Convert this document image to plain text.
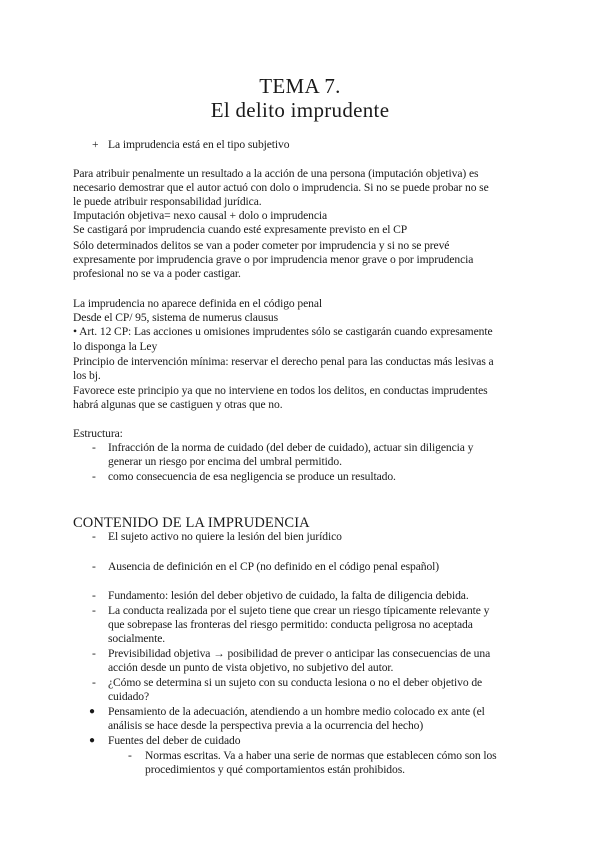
TEMA 7.
El delito imprudente
+ La imprudencia está en el tipo subjetivo
Para atribuir penalmente un resultado a la acción de una persona (imputación objetiva) es
necesario demostrar que el autor actuó con dolo o imprudencia. Si no se puede probar no se
le puede atribuir responsabilidad jurídica.
Imputación objetiva= nexo causal + dolo o imprudencia
Se castigará por imprudencia cuando esté expresamente previsto en el CP
Sólo determinados delitos se van a poder cometer por imprudencia y si no se prevé
expresamente por imprudencia grave o por imprudencia menor grave o por imprudencia
profesional no se va a poder castigar.
La imprudencia no aparece definida en el código penal
Desde el CP/ 95, sistema de numerus clausus
• Art. 12 CP: Las acciones u omisiones imprudentes sólo se castigarán cuando expresamente
lo disponga la Ley
Principio de intervención mínima: reservar el derecho penal para las conductas más lesivas a
los bj.
Favorece este principio ya que no interviene en todos los delitos, en conductas imprudentes
habrá algunas que se castiguen y otras que no.
Estructura:
- Infracción de la norma de cuidado (del deber de cuidado), actuar sin diligencia y
generar un riesgo por encima del umbral permitido.
- como consecuencia de esa negligencia se produce un resultado.
CONTENIDO DE LA IMPRUDENCIA
- El sujeto activo no quiere la lesión del bien jurídico
- Ausencia de definición en el CP (no definido en el código penal español)
- Fundamento: lesión del deber objetivo de cuidado, la falta de diligencia debida.
- La conducta realizada por el sujeto tiene que crear un riesgo típicamente relevante y
que sobrepase las fronteras del riesgo permitido: conducta peligrosa no aceptada
socialmente.
- Previsibilidad objetiva → posibilidad de prever o anticipar las consecuencias de una
acción desde un punto de vista objetivo, no subjetivo del autor.
- ¿Cómo se determina si un sujeto con su conducta lesiona o no el deber objetivo de
cuidado?
● Pensamiento de la adecuación, atendiendo a un hombre medio colocado ex ante (el
análisis se hace desde la perspectiva previa a la ocurrencia del hecho)
● Fuentes del deber de cuidado
- Normas escritas. Va a haber una serie de normas que establecen cómo son los
procedimientos y qué comportamientos están prohibidos.
